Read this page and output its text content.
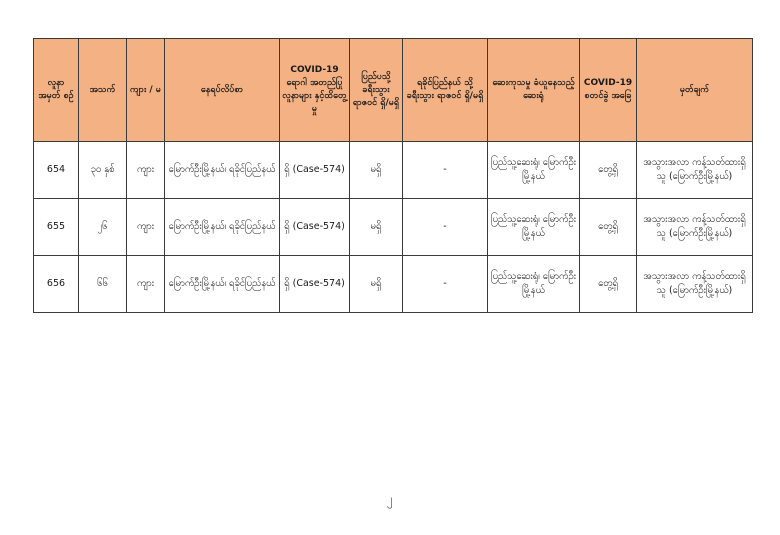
လူနာ အမှတ် စဉ်	အသက်	ကျား / မ	နေရပ်လိပ်စာ	COVID-19 ရောဂါ အတည်ပြု လူနာများ နှင့်ထိတွေ့မှု	ပြည်ပသို့ ခရီးသွား ရာဇဝင် ရှိ/မရှိ	ရခိုင်ပြည်နယ် သို့ ခရီးသွား ရာဇဝင် ရှိ/မရှိ	ဆေးကုသမှု ခံယူနေသည့် ဆေးရုံ	COVID-19 စတင်ခွဲ အခြေ	မှတ်ချက်
654	၃၀ နှစ်	ကျား	မြောက်ဦးမြို့နယ်၊ ရခိုင်ပြည်နယ်	ရှိ (Case-574)	မရှိ	-	ပြည်သူ့ဆေးရုံ၊ မြောက်ဦးမြို့နယ်	တွေ့ရှိ	အသွားအလာ ကန့်သတ်ထားရှိသူ (မြောက်ဦးမြို့နယ်)
655	၂၆	ကျား	မြောက်ဦးမြို့နယ်၊ ရခိုင်ပြည်နယ်	ရှိ (Case-574)	မရှိ	-	ပြည်သူ့ဆေးရုံ၊ မြောက်ဦးမြို့နယ်	တွေ့ရှိ	အသွားအလာ ကန့်သတ်ထားရှိသူ (မြောက်ဦးမြို့နယ်)
656	၆၆	ကျား	မြောက်ဦးမြို့နယ်၊ ရခိုင်ပြည်နယ်	ရှိ (Case-574)	မရှိ	-	ပြည်သူ့ဆေးရုံ၊ မြောက်ဦးမြို့နယ်	တွေ့ရှိ	အသွားအလာ ကန့်သတ်ထားရှိသူ (မြောက်ဦးမြို့နယ်)
၂
